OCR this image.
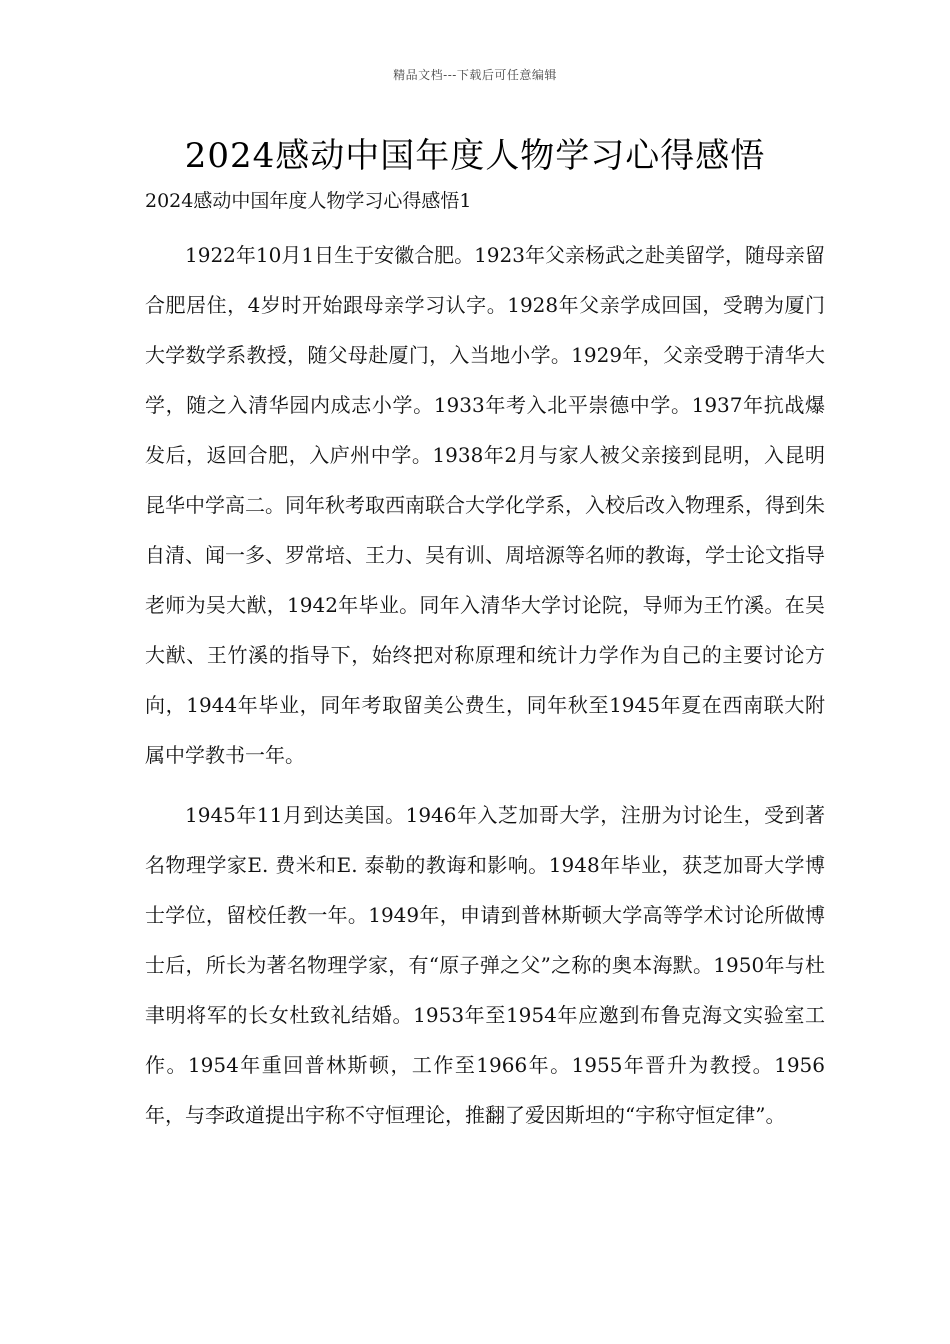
精品文档---下载后可任意编辑
2024感动中国年度人物学习心得感悟

2024感动中国年度人物学习心得感悟1

1922年10月1日生于安徽合肥。1923年父亲杨武之赴美留学，随母亲留合肥居住，4岁时开始跟母亲学习认字。1928年父亲学成回国，受聘为厦门大学数学系教授，随父母赴厦门，入当地小学。1929年，父亲受聘于清华大学，随之入清华园内成志小学。1933年考入北平崇德中学。1937年抗战爆发后，返回合肥，入庐州中学。1938年2月与家人被父亲接到昆明，入昆明昆华中学高二。同年秋考取西南联合大学化学系，入校后改入物理系，得到朱自清、闻一多、罗常培、王力、吴有训、周培源等名师的教诲，学士论文指导老师为吴大猷，1942年毕业。同年入清华大学讨论院，导师为王竹溪。在吴大猷、王竹溪的指导下，始终把对称原理和统计力学作为自己的主要讨论方向，1944年毕业，同年考取留美公费生，同年秋至1945年夏在西南联大附属中学教书一年。

1945年11月到达美国。1946年入芝加哥大学，注册为讨论生，受到著名物理学家E. 费米和E. 泰勒的教诲和影响。1948年毕业，获芝加哥大学博士学位，留校任教一年。1949年，申请到普林斯顿大学高等学术讨论所做博士后，所长为著名物理学家，有“原子弹之父”之称的奥本海默。1950年与杜聿明将军的长女杜致礼结婚。1953年至1954年应邀到布鲁克海文实验室工作。1954年重回普林斯顿，工作至1966年。1955年晋升为教授。1956年，与李政道提出宇称不守恒理论，推翻了爱因斯坦的“宇称守恒定律”。
